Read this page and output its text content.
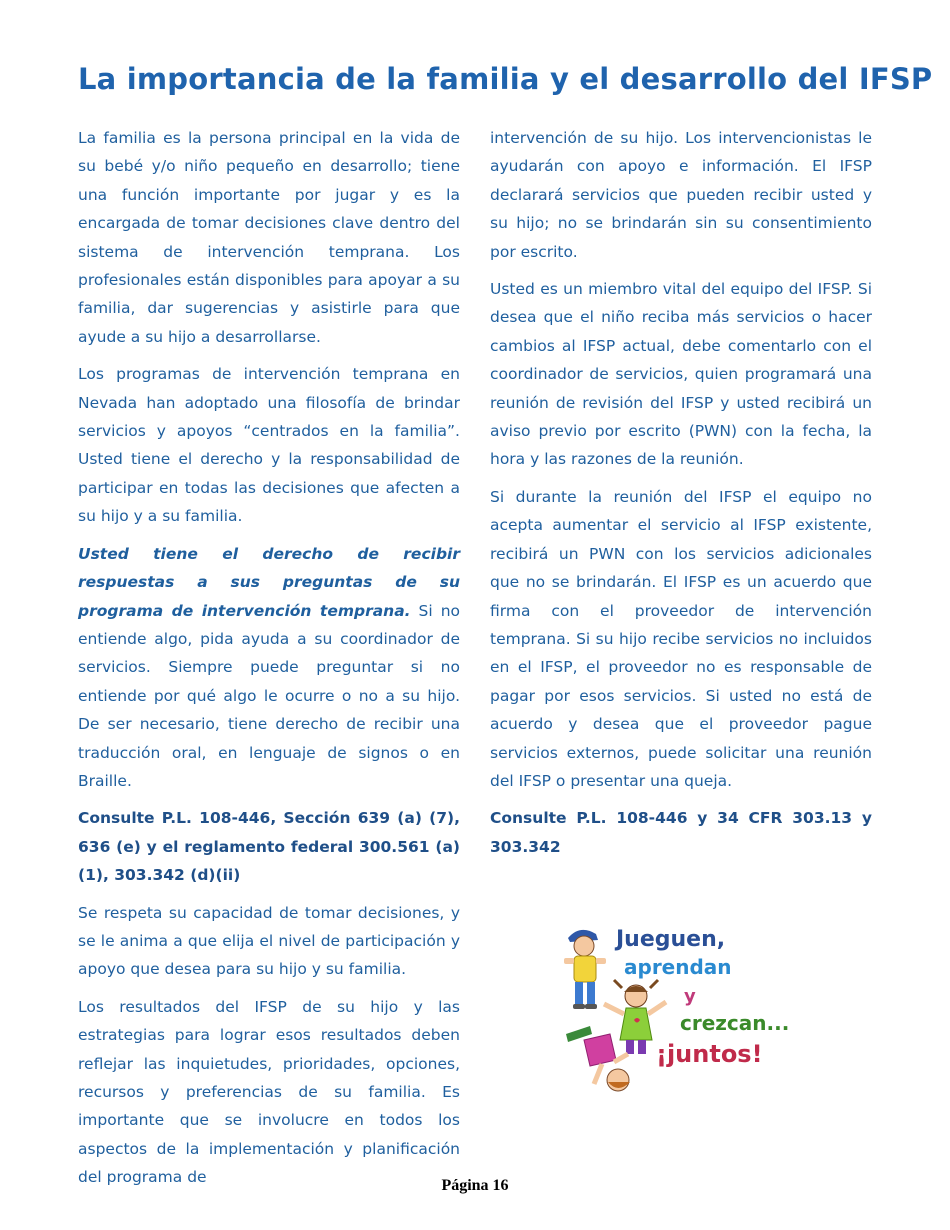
La importancia de la familia y el desarrollo del IFSP

La familia es la persona principal en la vida de su bebé y/o niño pequeño en desarrollo; tiene una función importante por jugar y es la encargada de tomar decisiones clave dentro del sistema de intervención temprana. Los profesionales están disponibles para apoyar a su familia, dar sugerencias y asistirle para que ayude a su hijo a desarrollarse.

Los programas de intervención temprana en Nevada han adoptado una filosofía de brindar servicios y apoyos “centrados en la familia”. Usted tiene el derecho y la responsabilidad de participar en todas las decisiones que afecten a su hijo y a su familia.

Usted tiene el derecho de recibir respuestas a sus preguntas de su programa de intervención temprana. Si no entiende algo, pida ayuda a su coordinador de servicios. Siempre puede preguntar si no entiende por qué algo le ocurre o no a su hijo. De ser necesario, tiene derecho de recibir una traducción oral, en lenguaje de signos o en Braille.

Consulte P.L. 108-446, Sección 639 (a) (7), 636 (e) y el reglamento federal 300.561 (a) (1), 303.342 (d)(ii)

Se respeta su capacidad de tomar decisiones, y se le anima a que elija el nivel de participación y apoyo que desea para su hijo y su familia.

Los resultados del IFSP de su hijo y las estrategias para lograr esos resultados deben reflejar las inquietudes, prioridades, opciones, recursos y preferencias de su familia. Es importante que se involucre en todos los aspectos de la implementación y planificación del programa de

intervención de su hijo. Los intervencionistas le ayudarán con apoyo e información. El IFSP declarará servicios que pueden recibir usted y su hijo; no se brindarán sin su consentimiento por escrito.

Usted es un miembro vital del equipo del IFSP. Si desea que el niño reciba más servicios o hacer cambios al IFSP actual, debe comentarlo con el coordinador de servicios, quien programará una reunión de revisión del IFSP y usted recibirá un aviso previo por escrito (PWN) con la fecha, la hora y las razones de la reunión.

Si durante la reunión del IFSP el equipo no acepta aumentar el servicio al IFSP existente, recibirá un PWN con los servicios adicionales que no se brindarán. El IFSP es un acuerdo que firma con el proveedor de intervención temprana. Si su hijo recibe servicios no incluidos en el IFSP, el proveedor no es responsable de pagar por esos servicios. Si usted no está de acuerdo y desea que el proveedor pague servicios externos, puede solicitar una reunión del IFSP o presentar una queja.

Consulte P.L. 108-446 y 34 CFR 303.13 y 303.342

Jueguen,
aprendan
y
crezcan...
¡juntos!
Página 16
